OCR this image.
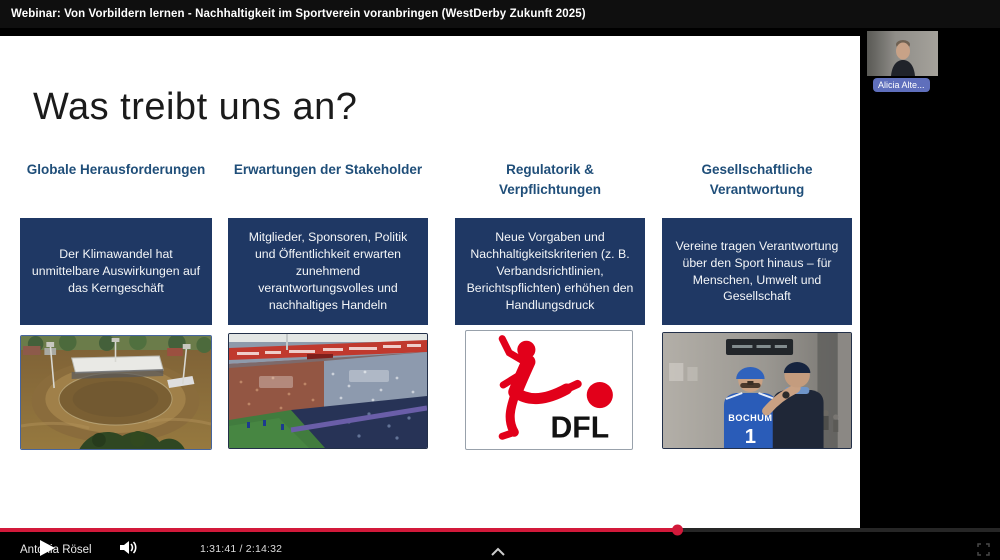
Webinar: Von Vorbildern lernen - Nachhaltigkeit im Sportverein voranbringen (WestDerby Zukunft 2025)
Was treibt uns an?
Globale Herausforderungen
Der Klimawandel hat unmittelbare Auswirkungen auf das Kerngeschäft
Erwartungen der Stakeholder
Mitglieder, Sponsoren, Politik und Öffentlichkeit erwarten zunehmend verantwortungsvolles und nachhaltiges Handeln
Regulatorik & Verpflichtungen
Neue Vorgaben und Nachhaltigkeitskriterien (z. B. Verbandsrichtlinien, Berichtspflichten) erhöhen den Handlungsdruck
DFL
Gesellschaftliche Verantwortung
Vereine tragen Verantwortung über den Sport hinaus – für Menschen, Umwelt und Gesellschaft
BOCHUM
1
Alicia Alte...
Antonia Rösel	1:31:41 / 2:14:32
